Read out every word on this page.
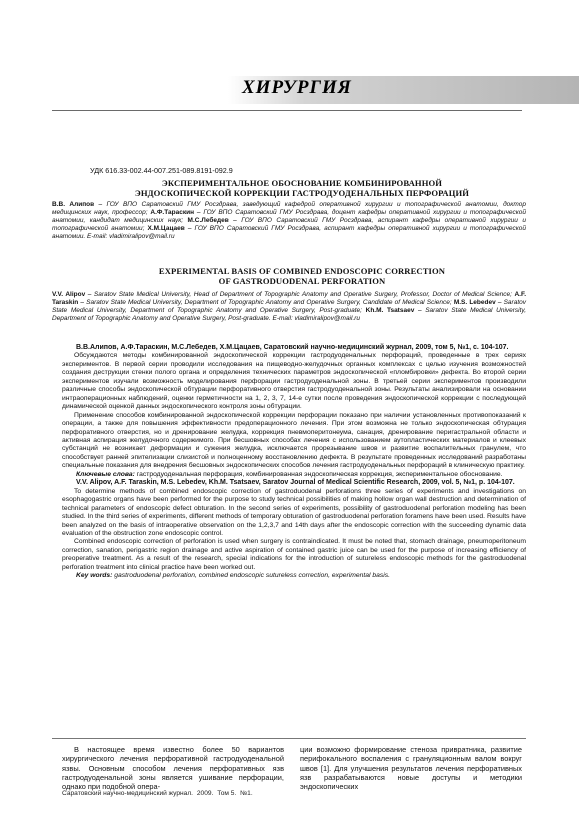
ХИРУРГИЯ
УДК 616.33-002.44-007.251-089.8191-092.9
ЭКСПЕРИМЕНТАЛЬНОЕ ОБОСНОВАНИЕ КОМБИНИРОВАННОЙ
ЭНДОСКОПИЧЕСКОЙ КОРРЕКЦИИ ГАСТРОДУОДЕНАЛЬНЫХ ПЕРФОРАЦИЙ

В.В. Алипов – ГОУ ВПО Саратовский ГМУ Росздрава, заведующий кафедрой оперативной хирургии и топографической анатомии, доктор медицинских наук, профессор; А.Ф.Тараскин – ГОУ ВПО Саратовский ГМУ Росздрава, доцент кафедры оперативной хирургии и топографической анатомии, кандидат медицинских наук; М.С.Лебедев – ГОУ ВПО Саратовский ГМУ Росздрава, аспирант кафедры оперативной хирургии и топографической анатомии; Х.М.Цацаев – ГОУ ВПО Саратовский ГМУ Росздрава, аспирант кафедры оперативной хирургии и топографической анатомии. E-mail: vladimiralipov@mail.ru

EXPERIMENTAL BASIS OF COMBINED ENDOSCOPIC CORRECTION
OF GASTRODUODENAL PERFORATION

V.V. Alipov – Saratov State Medical University, Head of Department of Topographic Anatomy and Operative Surgery, Professor, Doctor of Medical Science; A.F. Taraskin – Saratov State Medical University, Department of Topographic Anatomy and Operative Surgery, Candidate of Medical Science; M.S. Lebedev – Saratov State Medical University, Department of Topographic Anatomy and Operative Surgery, Post-graduate; Kh.M. Tsatsaev – Saratov State Medical University, Department of Topographic Anatomy and Operative Surgery, Post-graduate. E-mail: vladimiralipov@mail.ru

В.В.Алипов, А.Ф.Тараскин, М.С.Лебедев, Х.М.Цацаев, Саратовский научно-медицинский журнал, 2009, том 5, №1, с. 104-107.

Обсуждаются методы комбинированной эндоскопической коррекции гастродуоденальных перфораций, проведенные в трех сериях экспериментов. В первой серии проводили исследования на пищеводно-желудочных органных комплексах с целью изучения возможностей создания деструкции стенки полого органа и определения технических параметров эндоскопической «пломбировки» дефекта. Во второй серии экспериментов изучали возможность моделирования перфорации гастродуоденальной зоны. В третьей серии экспериментов производили различные способы эндоскопической обтурации перфоративного отверстия гастродуоденальной зоны. Результаты анализировали на основании интраоперационных наблюдений, оценки герметичности на 1, 2, 3, 7, 14-е сутки после проведения эндоскопической коррекции с последующей динамической оценкой данных эндоскопического контроля зоны обтурации.

Применение способов комбинированной эндоскопической коррекции перфорации показано при наличии установленных противопоказаний к операции, а также для повышения эффективности предоперационного лечения. При этом возможна не только эндоскопическая обтурация перфоративного отверстия, но и дренирование желудка, коррекция пневмоперитонеума, санация, дренирование перигастральной области и активная аспирация желудочного содержимого. При бесшовных способах лечения с использованием аутопластических материалов и клеевых субстанций не возникает деформации и сужения желудка, исключается прорезывание швов и развитие воспалительных гранулем, что способствует ранней эпителизации слизистой и полноценному восстановлению дефекта. В результате проведенных исследований разработаны специальные показания для внедрения бесшовных эндоскопических способов лечения гастродуоденальных перфораций в клиническую практику.

Ключевые слова: гастродуоденальная перфорация, комбинированная эндоскопическая коррекция, экспериментальное обоснование.

V.V. Alipov, A.F. Taraskin, M.S. Lebedev, Kh.M. Tsatsaev, Saratov Journal of Medical Scientific Research, 2009, vol. 5, №1, p. 104-107.

To determine methods of combined endoscopic correction of gastroduodenal perforations three series of experiments and investigations on esophagogastric organs have been performed for the purpose to study technical possibilities of making hollow organ wall destruction and determination of technical parameters of endoscopic defect obturation. In the second series of experiments, possibility of gastroduodenal perforation modeling has been studied. In the third series of experiments, different methods of temporary obturation of gastroduodenal perforation foramens have been used. Results have been analyzed on the basis of intraoperative observation on the 1,2,3,7 and 14th days after the endoscopic correction with the succeeding dynamic data evaluation of the obstruction zone endoscopic control.

Combined endoscopic correction of perforation is used when surgery is contraindicated. It must be noted that, stomach drainage, pneumoperitoneum correction, sanation, perigastric region drainage and active aspiration of contained gastric juice can be used for the purpose of increasing efficiency of preoperative treatment. As a result of the research, special indications for the introduction of sutureless endoscopic methods for the gastroduodenal perforation treatment into clinical practice have been worked out.

Key words: gastroduodenal perforation, combined endoscopic sutureless correction, experimental basis.

В настоящее время известно более 50 вариантов хирургического лечения перфоративной гастродуоденальной язвы. Основным способом лечения перфоративных язв гастродуоденальной зоны является ушивание перфорации, однако при подобной опера-

ции возможно формирование стеноза привратника, развитие перифокального воспаления с грануляционным валом вокруг швов [1]. Для улучшения результатов лечения перфоративных язв разрабатываются новые доступы и методики эндоскопических

Саратовский научно-медицинский журнал. 2009. Том 5. №1.
